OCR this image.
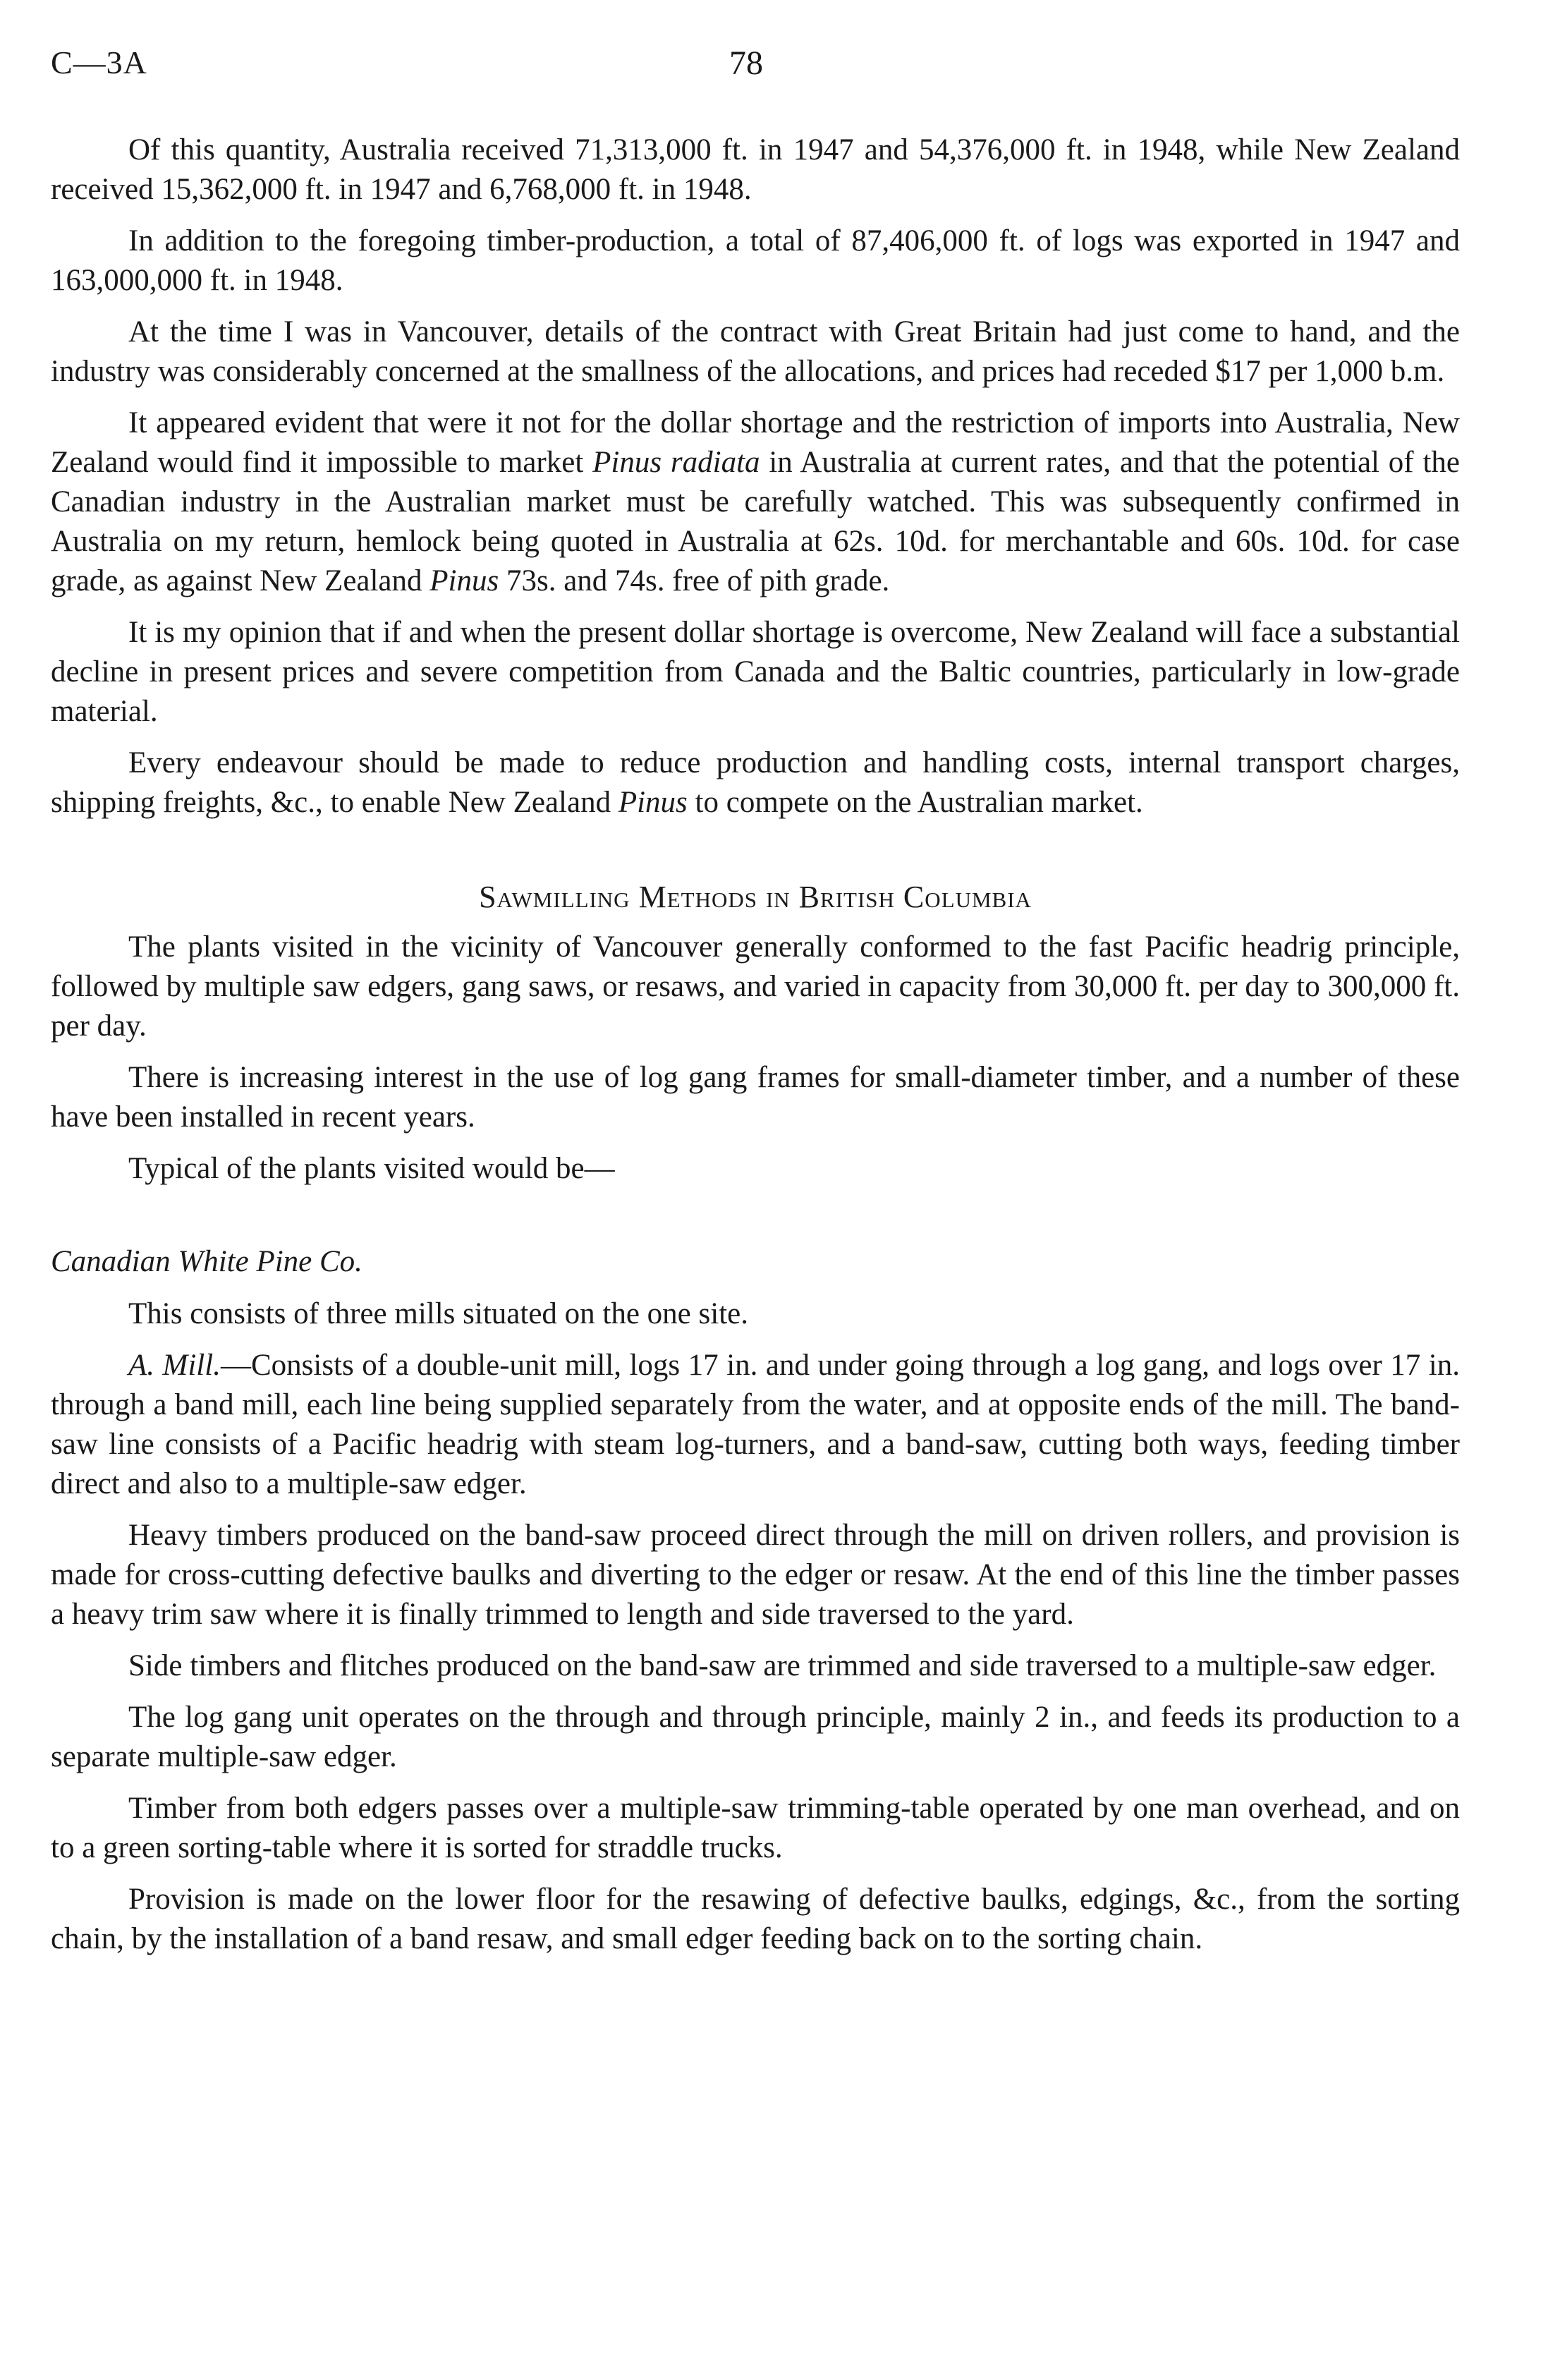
C—3A	78

Of this quantity, Australia received 71,313,000 ft. in 1947 and 54,376,000 ft. in 1948, while New Zealand received 15,362,000 ft. in 1947 and 6,768,000 ft. in 1948.

In addition to the foregoing timber-production, a total of 87,406,000 ft. of logs was exported in 1947 and 163,000,000 ft. in 1948.

At the time I was in Vancouver, details of the contract with Great Britain had just come to hand, and the industry was considerably concerned at the smallness of the allocations, and prices had receded $17 per 1,000 b.m.

It appeared evident that were it not for the dollar shortage and the restriction of imports into Australia, New Zealand would find it impossible to market Pinus radiata in Australia at current rates, and that the potential of the Canadian industry in the Australian market must be carefully watched. This was subsequently confirmed in Australia on my return, hemlock being quoted in Australia at 62s. 10d. for merchantable and 60s. 10d. for case grade, as against New Zealand Pinus 73s. and 74s. free of pith grade.

It is my opinion that if and when the present dollar shortage is overcome, New Zealand will face a substantial decline in present prices and severe competition from Canada and the Baltic countries, particularly in low-grade material.

Every endeavour should be made to reduce production and handling costs, internal transport charges, shipping freights, &c., to enable New Zealand Pinus to compete on the Australian market.

Sawmilling Methods in British Columbia

The plants visited in the vicinity of Vancouver generally conformed to the fast Pacific headrig principle, followed by multiple saw edgers, gang saws, or resaws, and varied in capacity from 30,000 ft. per day to 300,000 ft. per day.

There is increasing interest in the use of log gang frames for small-diameter timber, and a number of these have been installed in recent years.

Typical of the plants visited would be—

Canadian White Pine Co.

This consists of three mills situated on the one site.

A. Mill.—Consists of a double-unit mill, logs 17 in. and under going through a log gang, and logs over 17 in. through a band mill, each line being supplied separately from the water, and at opposite ends of the mill. The band-saw line consists of a Pacific headrig with steam log-turners, and a band-saw, cutting both ways, feeding timber direct and also to a multiple-saw edger.

Heavy timbers produced on the band-saw proceed direct through the mill on driven rollers, and provision is made for cross-cutting defective baulks and diverting to the edger or resaw. At the end of this line the timber passes a heavy trim saw where it is finally trimmed to length and side traversed to the yard.

Side timbers and flitches produced on the band-saw are trimmed and side traversed to a multiple-saw edger.

The log gang unit operates on the through and through principle, mainly 2 in., and feeds its production to a separate multiple-saw edger.

Timber from both edgers passes over a multiple-saw trimming-table operated by one man overhead, and on to a green sorting-table where it is sorted for straddle trucks.

Provision is made on the lower floor for the resawing of defective baulks, edgings, &c., from the sorting chain, by the installation of a band resaw, and small edger feeding back on to the sorting chain.
